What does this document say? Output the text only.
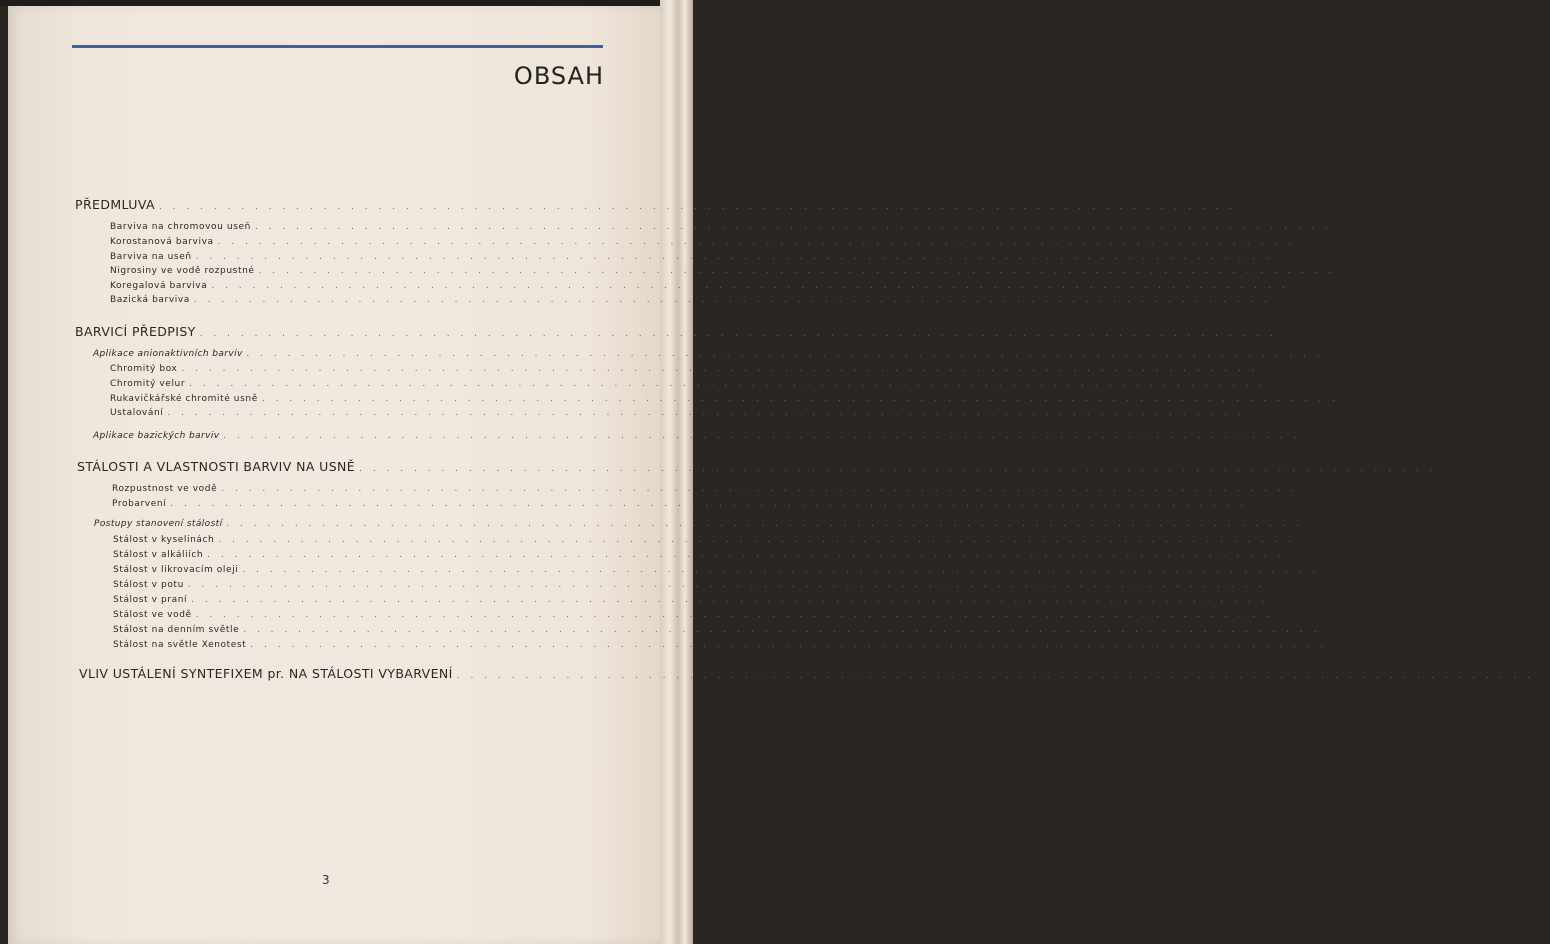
OBSAH
PŘEDMLUVA . . . . . . . . . . . . . . . . . . . . . . . . . . . . . . . . . . . . . . . . . . . . . . . . . . . . . . . . . . . . . . . . . . . . . . . . . . . . . . .	4
Barviva na chromovou useň . . . . . . . . . . . . . . . . . . . . . . . . . . . . . . . . . . . . . . . . . . . . . . . . . . . . . . . . . . . . . . . . . . . . . . . . . . . . . . .	5
Korostanová barviva . . . . . . . . . . . . . . . . . . . . . . . . . . . . . . . . . . . . . . . . . . . . . . . . . . . . . . . . . . . . . . . . . . . . . . . . . . . . . . .	5
Barviva na useň . . . . . . . . . . . . . . . . . . . . . . . . . . . . . . . . . . . . . . . . . . . . . . . . . . . . . . . . . . . . . . . . . . . . . . . . . . . . . . .	5
Nigrosiny ve vodě rozpustné . . . . . . . . . . . . . . . . . . . . . . . . . . . . . . . . . . . . . . . . . . . . . . . . . . . . . . . . . . . . . . . . . . . . . . . . . . . . . . .	5
Koregalová barviva . . . . . . . . . . . . . . . . . . . . . . . . . . . . . . . . . . . . . . . . . . . . . . . . . . . . . . . . . . . . . . . . . . . . . . . . . . . . . . .	5
Bazická barviva . . . . . . . . . . . . . . . . . . . . . . . . . . . . . . . . . . . . . . . . . . . . . . . . . . . . . . . . . . . . . . . . . . . . . . . . . . . . . . .	6
BARVICÍ PŘEDPISY . . . . . . . . . . . . . . . . . . . . . . . . . . . . . . . . . . . . . . . . . . . . . . . . . . . . . . . . . . . . . . . . . . . . . . . . . . . . . . .	7
Aplikace anionaktivních barviv . . . . . . . . . . . . . . . . . . . . . . . . . . . . . . . . . . . . . . . . . . . . . . . . . . . . . . . . . . . . . . . . . . . . . . . . . . . . . . .	7
Chromitý box . . . . . . . . . . . . . . . . . . . . . . . . . . . . . . . . . . . . . . . . . . . . . . . . . . . . . . . . . . . . . . . . . . . . . . . . . . . . . . .	7
Chromitý velur . . . . . . . . . . . . . . . . . . . . . . . . . . . . . . . . . . . . . . . . . . . . . . . . . . . . . . . . . . . . . . . . . . . . . . . . . . . . . . .	7
Rukavičkářské chromité usně . . . . . . . . . . . . . . . . . . . . . . . . . . . . . . . . . . . . . . . . . . . . . . . . . . . . . . . . . . . . . . . . . . . . . . . . . . . . . . .	8
Ustalování . . . . . . . . . . . . . . . . . . . . . . . . . . . . . . . . . . . . . . . . . . . . . . . . . . . . . . . . . . . . . . . . . . . . . . . . . . . . . . .	8
Aplikace bazických barviv . . . . . . . . . . . . . . . . . . . . . . . . . . . . . . . . . . . . . . . . . . . . . . . . . . . . . . . . . . . . . . . . . . . . . . . . . . . . . . .	8
STÁLOSTI A VLASTNOSTI BARVIV NA USNĚ . . . . . . . . . . . . . . . . . . . . . . . . . . . . . . . . . . . . . . . . . . . . . . . . . . . . . . . . . . . . . . . . . . . . . . . . . . . . . . . 10
Rozpustnost ve vodě . . . . . . . . . . . . . . . . . . . . . . . . . . . . . . . . . . . . . . . . . . . . . . . . . . . . . . . . . . . . . . . . . . . . . . . . . . . . . . . 10
Probarvení . . . . . . . . . . . . . . . . . . . . . . . . . . . . . . . . . . . . . . . . . . . . . . . . . . . . . . . . . . . . . . . . . . . . . . . . . . . . . . . 10
Postupy stanovení stálostí . . . . . . . . . . . . . . . . . . . . . . . . . . . . . . . . . . . . . . . . . . . . . . . . . . . . . . . . . . . . . . . . . . . . . . . . . . . . . . . 11
Stálost v kyselinách . . . . . . . . . . . . . . . . . . . . . . . . . . . . . . . . . . . . . . . . . . . . . . . . . . . . . . . . . . . . . . . . . . . . . . . . . . . . . . . 11
Stálost v alkáliích . . . . . . . . . . . . . . . . . . . . . . . . . . . . . . . . . . . . . . . . . . . . . . . . . . . . . . . . . . . . . . . . . . . . . . . . . . . . . . . 11
Stálost v likrovacím oleji . . . . . . . . . . . . . . . . . . . . . . . . . . . . . . . . . . . . . . . . . . . . . . . . . . . . . . . . . . . . . . . . . . . . . . . . . . . . . . . 12
Stálost v potu . . . . . . . . . . . . . . . . . . . . . . . . . . . . . . . . . . . . . . . . . . . . . . . . . . . . . . . . . . . . . . . . . . . . . . . . . . . . . . . 12
Stálost v praní . . . . . . . . . . . . . . . . . . . . . . . . . . . . . . . . . . . . . . . . . . . . . . . . . . . . . . . . . . . . . . . . . . . . . . . . . . . . . . . 12
Stálost ve vodě . . . . . . . . . . . . . . . . . . . . . . . . . . . . . . . . . . . . . . . . . . . . . . . . . . . . . . . . . . . . . . . . . . . . . . . . . . . . . . . 13
Stálost na denním světle . . . . . . . . . . . . . . . . . . . . . . . . . . . . . . . . . . . . . . . . . . . . . . . . . . . . . . . . . . . . . . . . . . . . . . . . . . . . . . . 13
Stálost na světle Xenotest . . . . . . . . . . . . . . . . . . . . . . . . . . . . . . . . . . . . . . . . . . . . . . . . . . . . . . . . . . . . . . . . . . . . . . . . . . . . . . . 13
VLIV USTÁLENÍ SYNTEFIXEM pr. NA STÁLOSTI VYBARVENÍ . . . . . . . . . . . . . . . . . . . . . . . . . . . . . . . . . . . . . . . . . . . . . . . . . . . . . . . . . . . . . . . . . . . . . . . . . . . . . . . 14
3
